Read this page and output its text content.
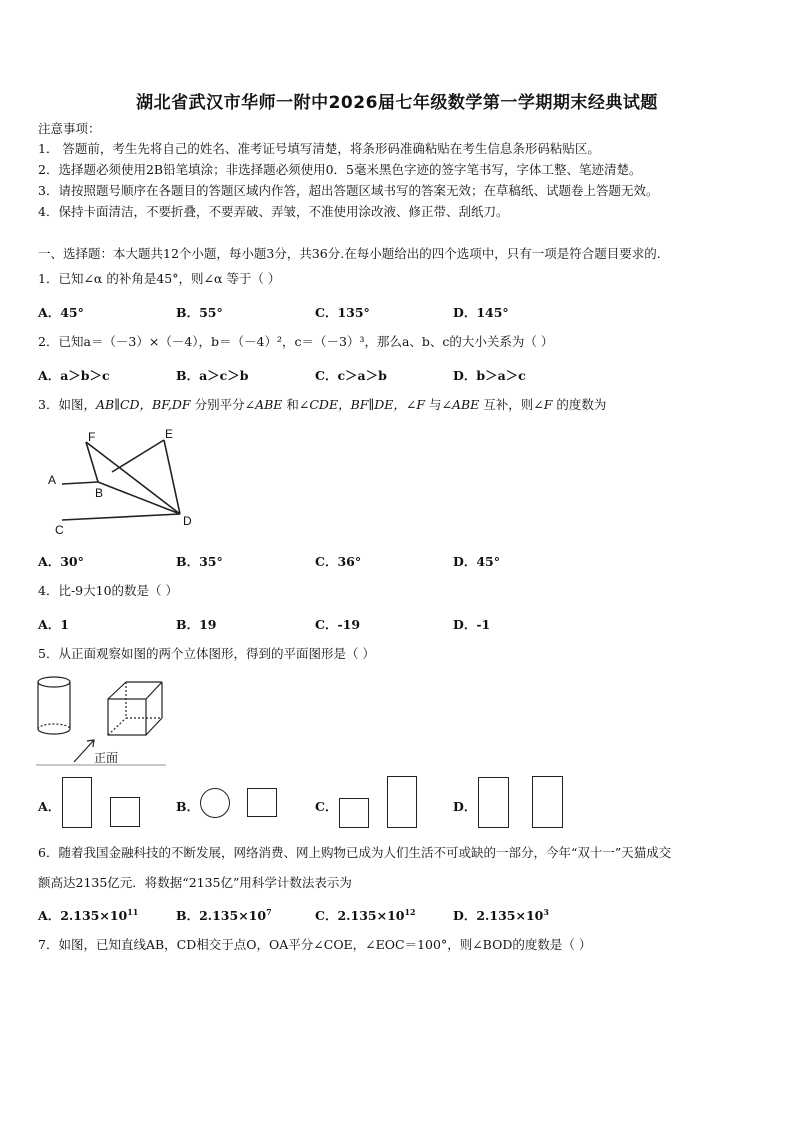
湖北省武汉市华师一附中2026届七年级数学第一学期期末经典试题
注意事项：
1． 答题前，考生先将自己的姓名、准考证号填写清楚，将条形码准确粘贴在考生信息条形码粘贴区。
2．选择题必须使用2B铅笔填涂；非选择题必须使用0．5毫米黑色字迹的签字笔书写，字体工整、笔迹清楚。
3．请按照题号顺序在各题目的答题区域内作答，超出答题区域书写的答案无效；在草稿纸、试题卷上答题无效。
4．保持卡面清洁，不要折叠，不要弄破、弄皱，不准使用涂改液、修正带、刮纸刀。
一、选择题：本大题共12个小题，每小题3分，共36分.在每小题给出的四个选项中，只有一项是符合题目要求的.
1．已知∠α 的补角是45°，则∠α 等于（ ）
A．45°	B．55°	C．135°	D．145°
2．已知a＝（－3）×（－4），b＝（－4）²，c＝（－3）³，那么a、b、c的大小关系为（ ）
A．a＞b＞c	B．a＞c＞b	C．c＞a＞b	D．b＞a＞c
3．如图，AB∥CD，BF,DF 分别平分∠ABE 和∠CDE，BF∥DE，∠F 与∠ABE 互补，则∠F 的度数为
F	E
A
B
C
D
A．30°	B．35°	C．36°	D．45°
4．比-9大10的数是（ ）
A．1	B．19	C．-19	D．-1
5．从正面观察如图的两个立体图形，得到的平面图形是（ ）
正面
A．	B．	C．	D．
6．随着我国金融科技的不断发展，网络消费、网上购物已成为人们生活不可或缺的一部分，今年“双十一”天猫成交
额高达2135亿元．将数据“2135亿”用科学计数法表示为
A．$2.135\times 10^{11}$	B．$2.135\times 10^7$	C．$2.135\times 10^{12}$	D．$2.135\times 10^3$
7．如图，已知直线AB，CD相交于点O，OA平分∠COE，∠EOC＝100°，则∠BOD的度数是（ ）
